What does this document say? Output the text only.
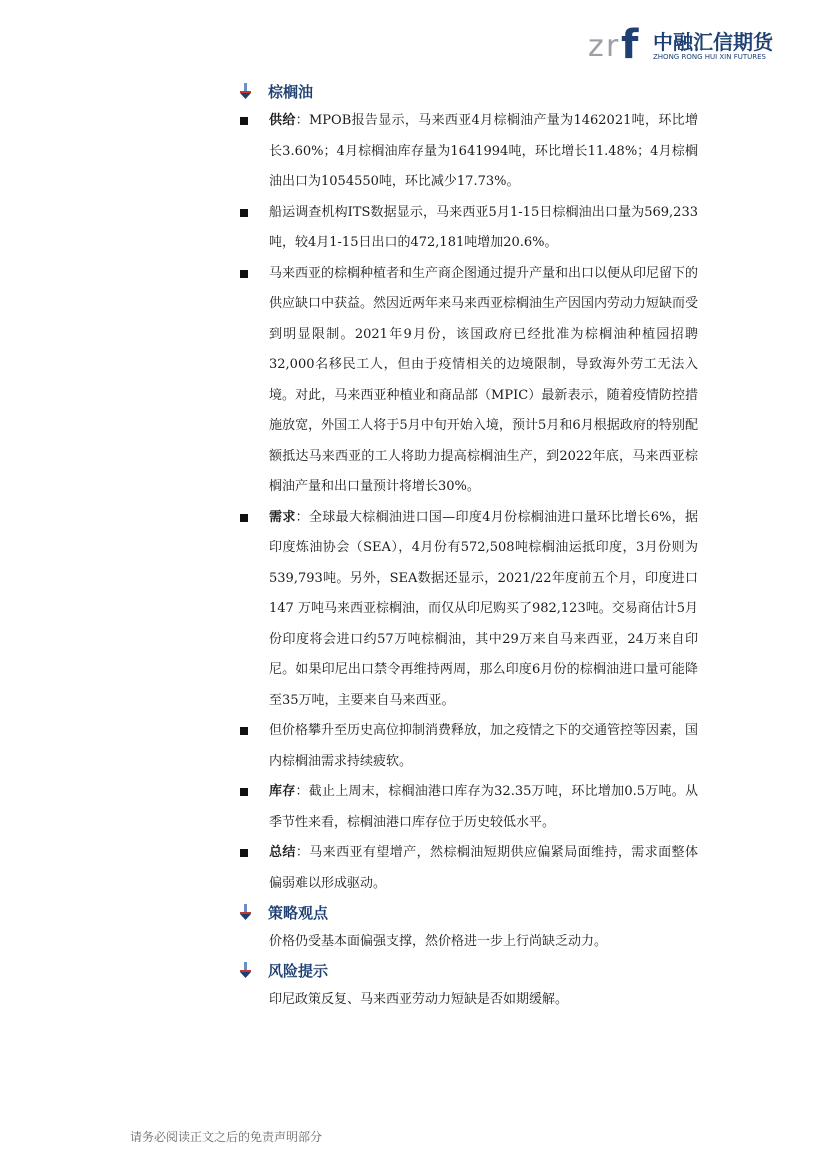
z r f 中融汇信期货
ZHONG RONG HUI XIN FUTURES
棕榈油
供给：MPOB报告显示，马来西亚4月棕榈油产量为1462021吨，环比增长3.60%；4月棕榈油库存量为1641994吨，环比增长11.48%；4月棕榈油出口为1054550吨，环比减少17.73%。
船运调查机构ITS数据显示，马来西亚5月1-15日棕榈油出口量为569,233吨，较4月1-15日出口的472,181吨增加20.6%。
马来西亚的棕榈种植者和生产商企图通过提升产量和出口以便从印尼留下的供应缺口中获益。然因近两年来马来西亚棕榈油生产因国内劳动力短缺而受到明显限制。2021年9月份，该国政府已经批准为棕榈油种植园招聘32,000名移民工人，但由于疫情相关的边境限制，导致海外劳工无法入境。对此，马来西亚种植业和商品部（MPIC）最新表示，随着疫情防控措施放宽，外国工人将于5月中旬开始入境，预计5月和6月根据政府的特别配额抵达马来西亚的工人将助力提高棕榈油生产，到2022年底，马来西亚棕榈油产量和出口量预计将增长30%。
需求：全球最大棕榈油进口国—印度4月份棕榈油进口量环比增长6%，据印度炼油协会（SEA），4月份有572,508吨棕榈油运抵印度，3月份则为539,793吨。另外，SEA数据还显示，2021/22年度前五个月，印度进口 147 万吨马来西亚棕榈油，而仅从印尼购买了982,123吨。交易商估计5月份印度将会进口约57万吨棕榈油，其中29万来自马来西亚，24万来自印尼。如果印尼出口禁令再维持两周，那么印度6月份的棕榈油进口量可能降至35万吨，主要来自马来西亚。
但价格攀升至历史高位抑制消费释放，加之疫情之下的交通管控等因素，国内棕榈油需求持续疲软。
库存：截止上周末，棕榈油港口库存为32.35万吨，环比增加0.5万吨。从季节性来看，棕榈油港口库存位于历史较低水平。
总结：马来西亚有望增产，然棕榈油短期供应偏紧局面维持，需求面整体偏弱难以形成驱动。
策略观点
价格仍受基本面偏强支撑，然价格进一步上行尚缺乏动力。
风险提示
印尼政策反复、马来西亚劳动力短缺是否如期缓解。
请务必阅读正文之后的免责声明部分
